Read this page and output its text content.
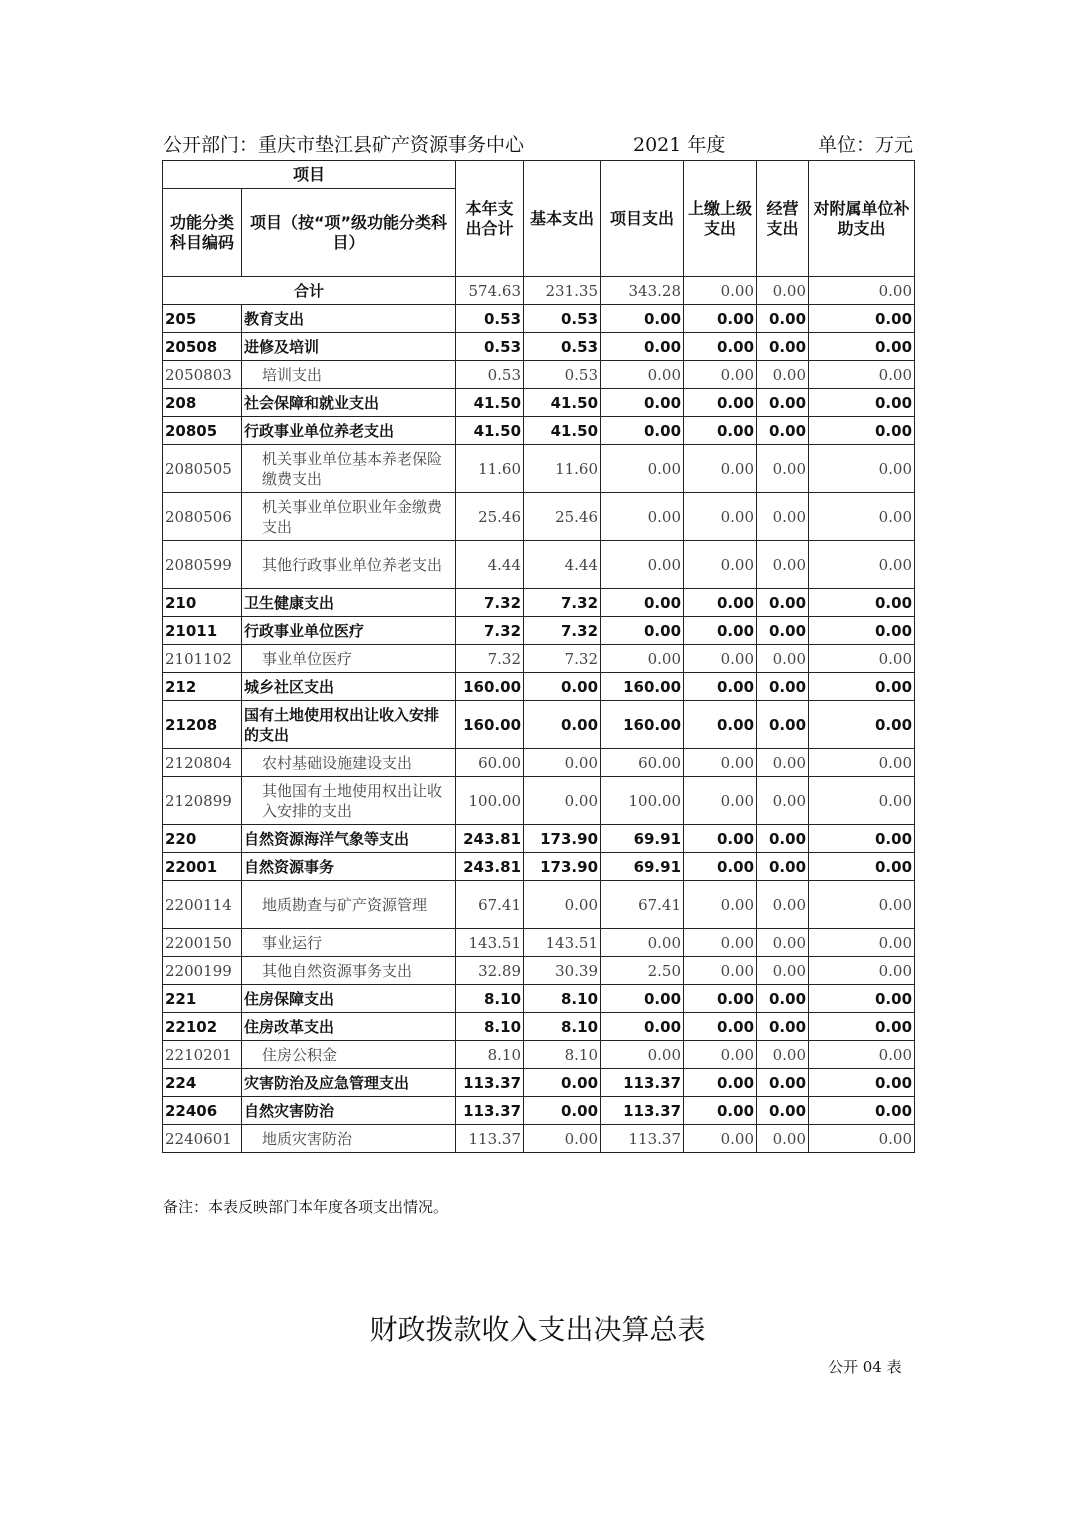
公开部门：重庆市垫江县矿产资源事务中心	2021 年度	单位：万元
项目		本年支出合计	基本支出	项目支出	上缴上级支出	经营支出	对附属单位补助支出
功能分类科目编码	项目（按“项”级功能分类科目）						
合计		574.63	231.35	343.28	0.00	0.00	0.00
205	教育支出	0.53	0.53	0.00	0.00	0.00	0.00
20508	进修及培训	0.53	0.53	0.00	0.00	0.00	0.00
2050803	培训支出	0.53	0.53	0.00	0.00	0.00	0.00
208	社会保障和就业支出	41.50	41.50	0.00	0.00	0.00	0.00
20805	行政事业单位养老支出	41.50	41.50	0.00	0.00	0.00	0.00
2080505	机关事业单位基本养老保险缴费支出	11.60	11.60	0.00	0.00	0.00	0.00
2080506	机关事业单位职业年金缴费支出	25.46	25.46	0.00	0.00	0.00	0.00
2080599	其他行政事业单位养老支出	4.44	4.44	0.00	0.00	0.00	0.00
210	卫生健康支出	7.32	7.32	0.00	0.00	0.00	0.00
21011	行政事业单位医疗	7.32	7.32	0.00	0.00	0.00	0.00
2101102	事业单位医疗	7.32	7.32	0.00	0.00	0.00	0.00
212	城乡社区支出	160.00	0.00	160.00	0.00	0.00	0.00
21208	国有土地使用权出让收入安排的支出	160.00	0.00	160.00	0.00	0.00	0.00
2120804	农村基础设施建设支出	60.00	0.00	60.00	0.00	0.00	0.00
2120899	其他国有土地使用权出让收入安排的支出	100.00	0.00	100.00	0.00	0.00	0.00
220	自然资源海洋气象等支出	243.81	173.90	69.91	0.00	0.00	0.00
22001	自然资源事务	243.81	173.90	69.91	0.00	0.00	0.00
2200114	地质勘查与矿产资源管理	67.41	0.00	67.41	0.00	0.00	0.00
2200150	事业运行	143.51	143.51	0.00	0.00	0.00	0.00
2200199	其他自然资源事务支出	32.89	30.39	2.50	0.00	0.00	0.00
221	住房保障支出	8.10	8.10	0.00	0.00	0.00	0.00
22102	住房改革支出	8.10	8.10	0.00	0.00	0.00	0.00
2210201	住房公积金	8.10	8.10	0.00	0.00	0.00	0.00
224	灾害防治及应急管理支出	113.37	0.00	113.37	0.00	0.00	0.00
22406	自然灾害防治	113.37	0.00	113.37	0.00	0.00	0.00
2240601	地质灾害防治	113.37	0.00	113.37	0.00	0.00	0.00
备注：本表反映部门本年度各项支出情况。
财政拨款收入支出决算总表
公开 04 表
